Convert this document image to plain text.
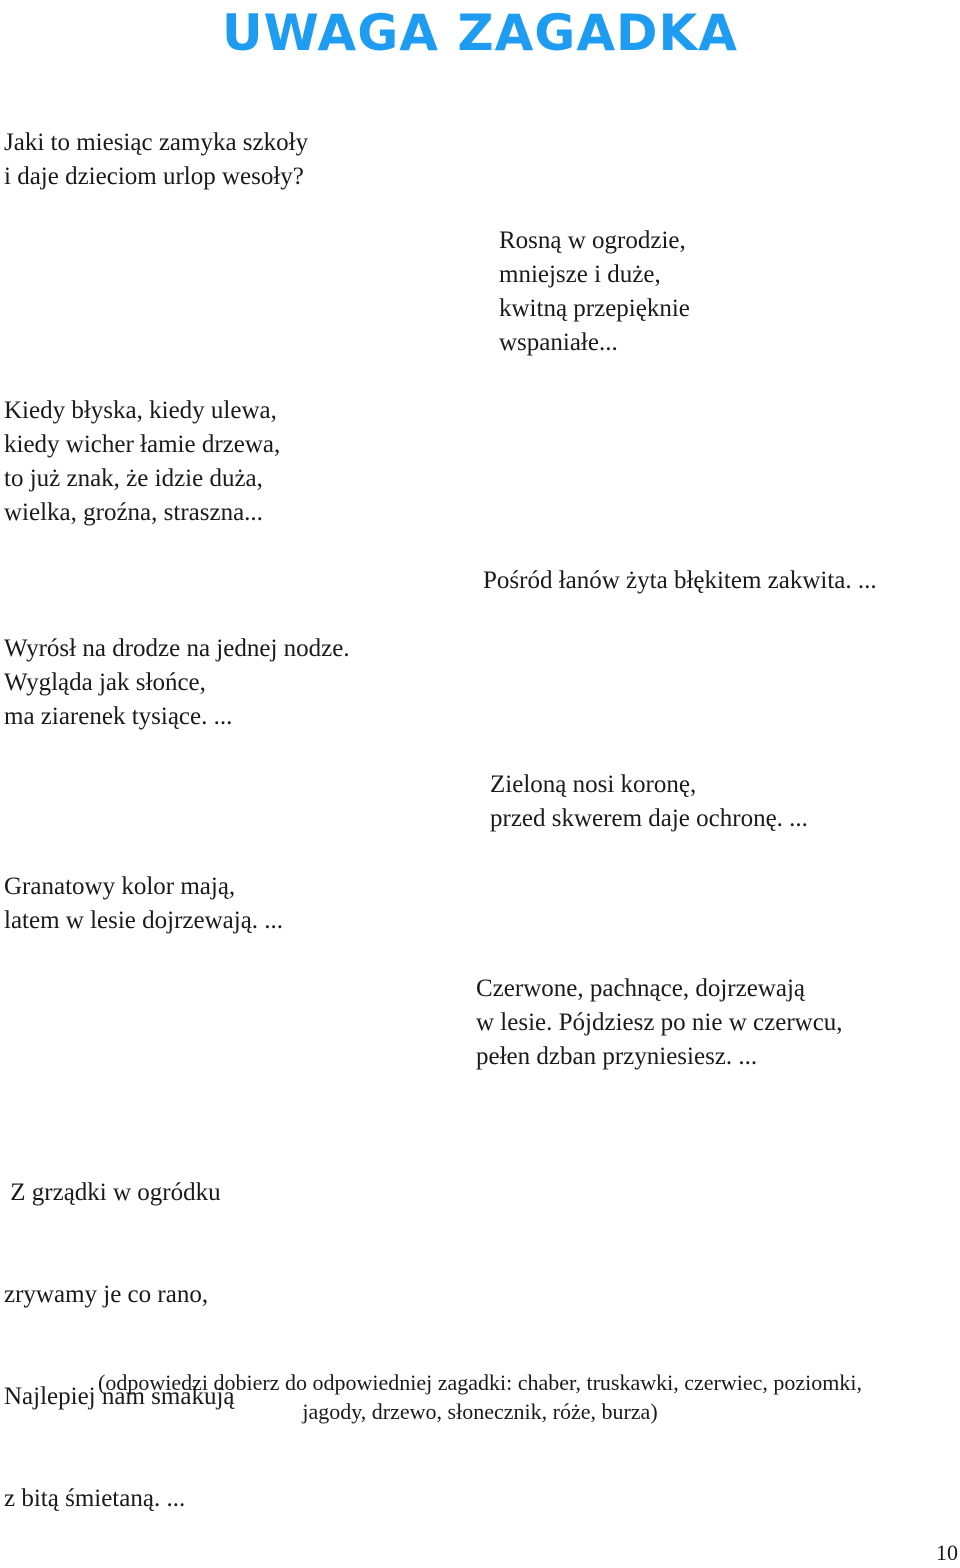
UWAGA ZAGADKA
Jaki to miesiąc zamyka szkoły
i daje dzieciom urlop wesoły?
Rosną w ogrodzie,
mniejsze i duże,
kwitną przepięknie
wspaniałe...
Kiedy błyska, kiedy ulewa,
kiedy wicher łamie drzewa,
to już znak, że idzie duża,
wielka, groźna, straszna...
Pośród łanów żyta błękitem zakwita. ...
Wyrósł na drodze na jednej nodze.
Wygląda jak słońce,
ma ziarenek tysiące. ...
Zieloną nosi koronę,
przed skwerem daje ochronę. ...
Granatowy kolor mają,
latem w lesie dojrzewają. ...
Czerwone, pachnące, dojrzewają
w lesie. Pójdziesz po nie w czerwcu,
pełen dzban przyniesiesz. ...

Z grządki w ogródku

zrywamy je co rano,

Najlepiej nam smakują

z bitą śmietaną. ...

(odpowiedzi dobierz do odpowiedniej zagadki: chaber, truskawki, czerwiec, poziomki,
jagody, drzewo, słonecznik, róże, burza)
10
